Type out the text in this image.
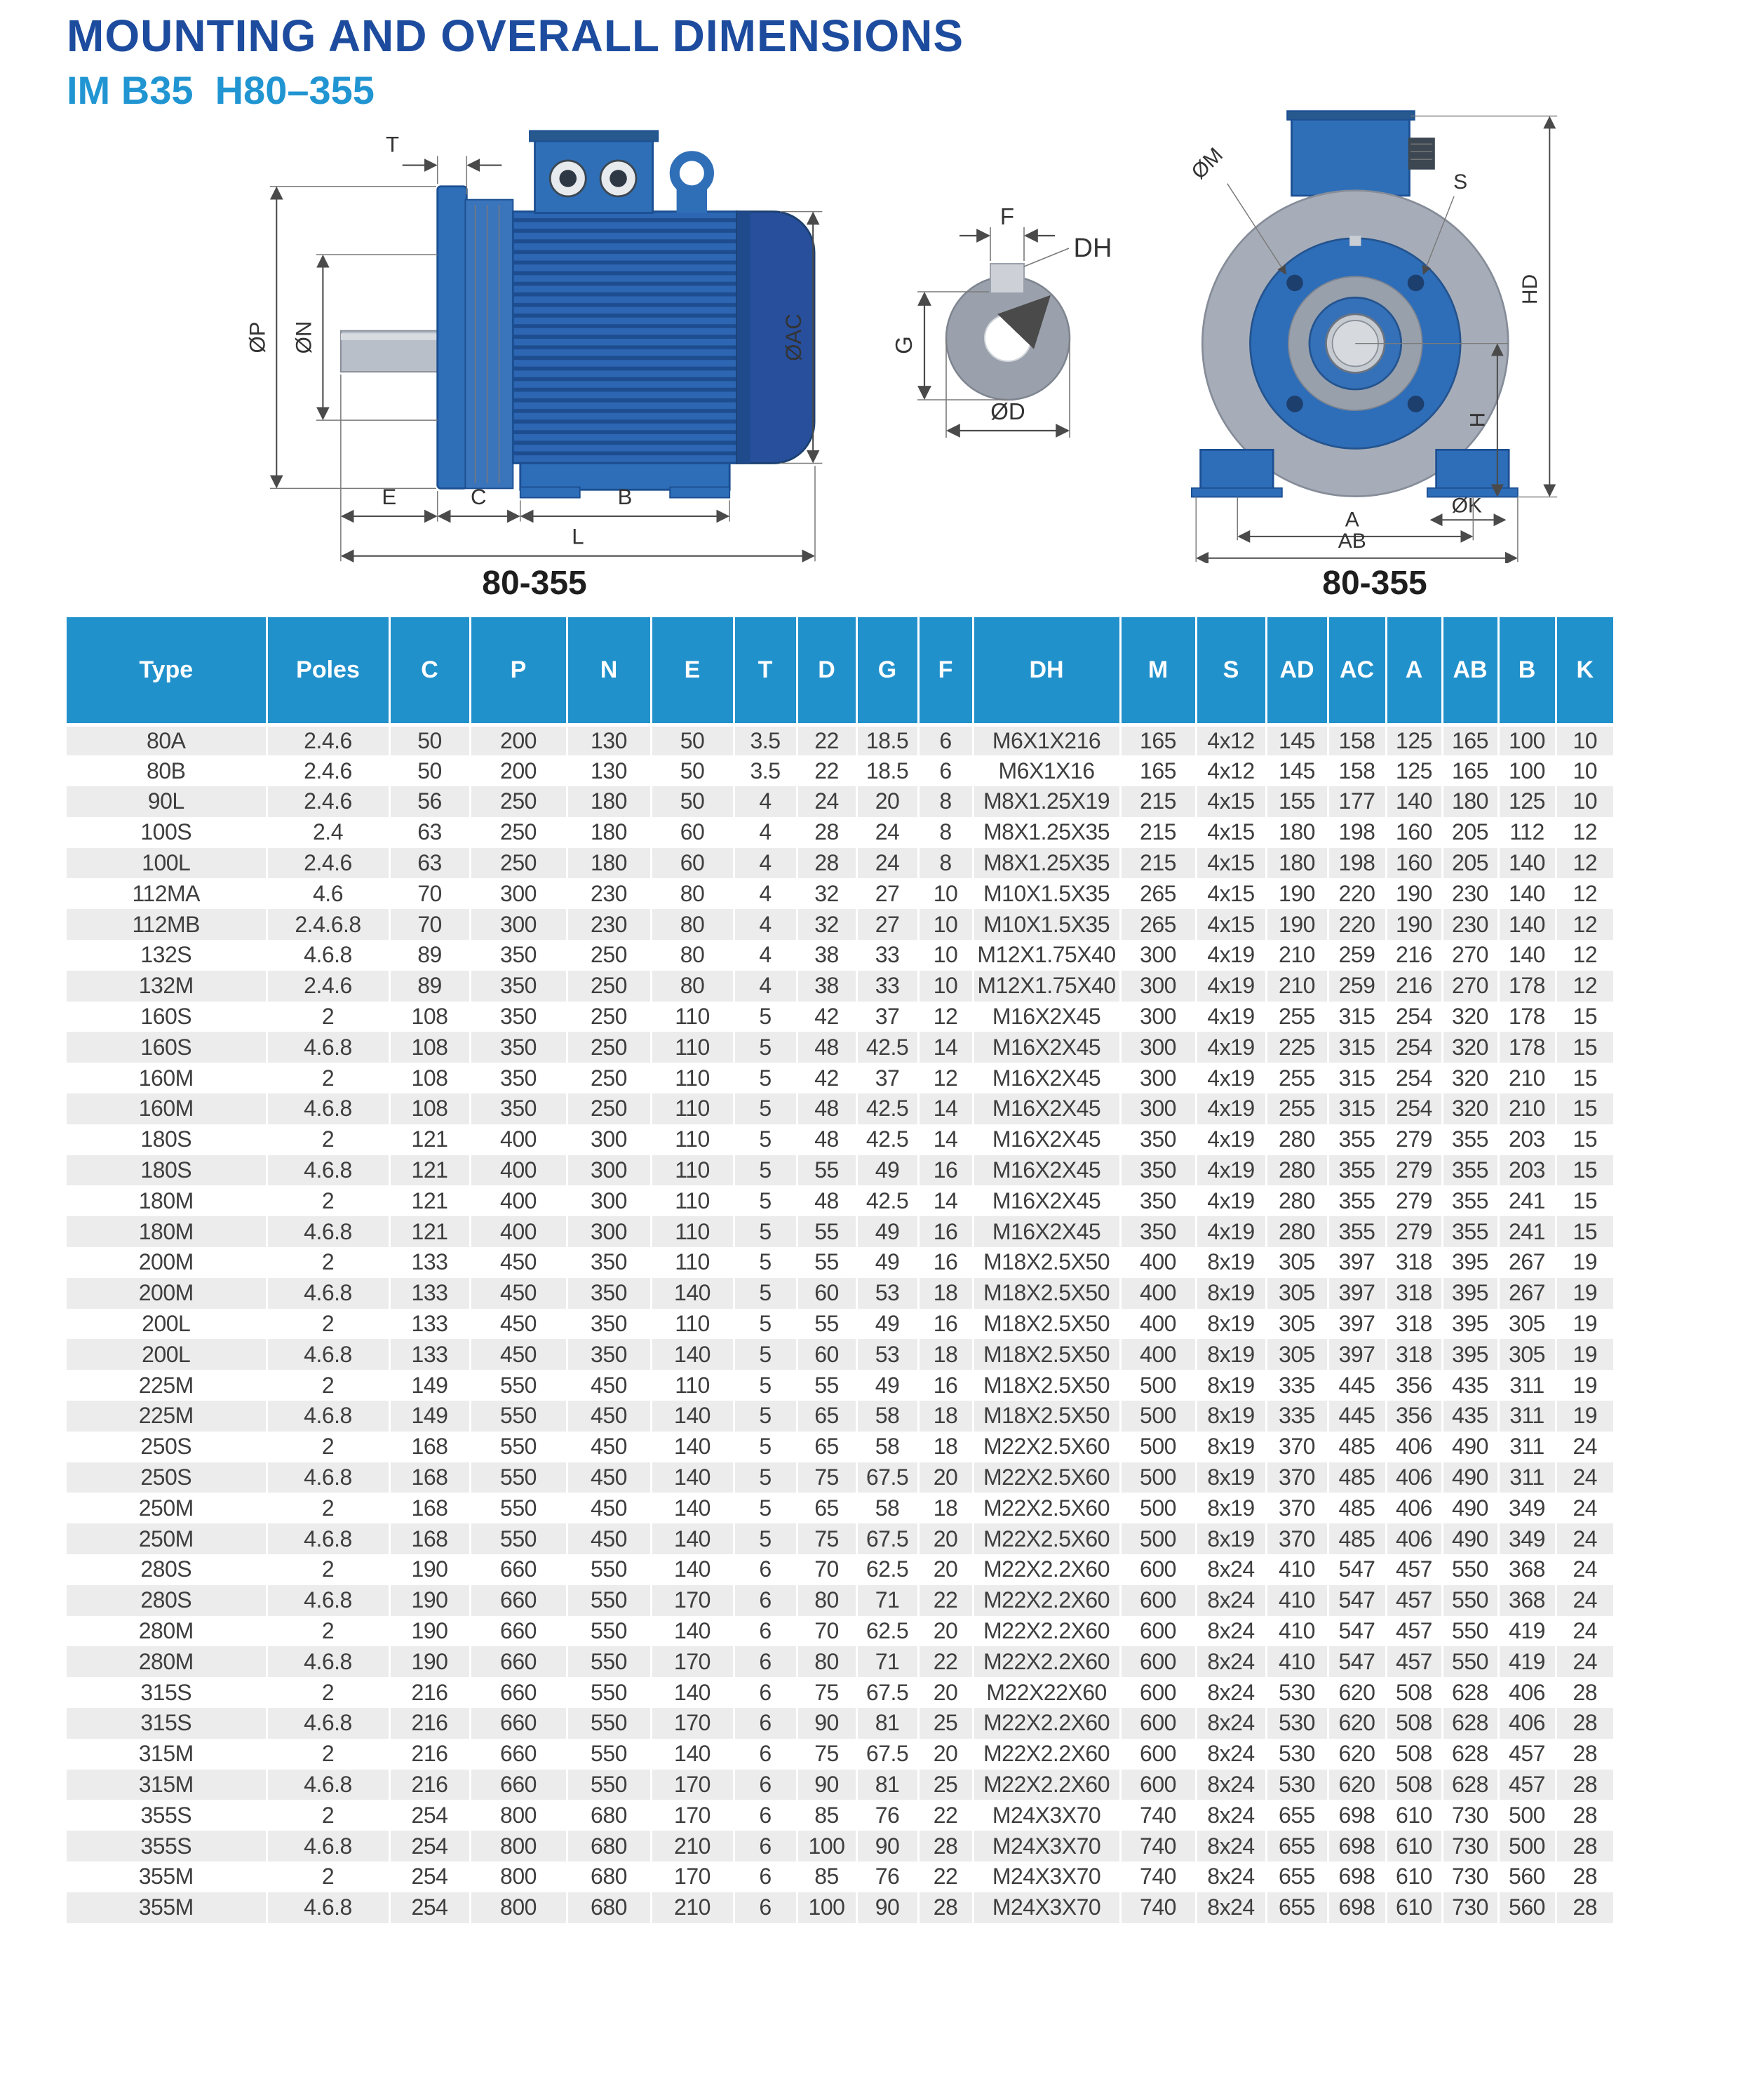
MOUNTING AND OVERALL DIMENSIONS
IM B35  H80–355
T
ØP ØN	ØAC
E	C	B
L
F
DH
G
ØD
ØM	S
HD
H
ØK
A
AB
80-355	80-355
Type	Poles	C	P	N	E	T	D	G	F	DH	M	S	AD	AC	A	AB	B	K
80A	2.4.6	50	200	130	50	3.5	22	18.5	6	M6X1X216	165	4x12	145	158	125	165	100	10
80B	2.4.6	50	200	130	50	3.5	22	18.5	6	M6X1X16	165	4x12	145	158	125	165	100	10
90L	2.4.6	56	250	180	50	4	24	20	8	M8X1.25X19	215	4x15	155	177	140	180	125	10
100S	2.4	63	250	180	60	4	28	24	8	M8X1.25X35	215	4x15	180	198	160	205	112	12
100L	2.4.6	63	250	180	60	4	28	24	8	M8X1.25X35	215	4x15	180	198	160	205	140	12
112MA	4.6	70	300	230	80	4	32	27	10	M10X1.5X35	265	4x15	190	220	190	230	140	12
112MB	2.4.6.8	70	300	230	80	4	32	27	10	M10X1.5X35	265	4x15	190	220	190	230	140	12
132S	4.6.8	89	350	250	80	4	38	33	10	M12X1.75X40	300	4x19	210	259	216	270	140	12
132M	2.4.6	89	350	250	80	4	38	33	10	M12X1.75X40	300	4x19	210	259	216	270	178	12
160S	2	108	350	250	110	5	42	37	12	M16X2X45	300	4x19	255	315	254	320	178	15
160S	4.6.8	108	350	250	110	5	48	42.5	14	M16X2X45	300	4x19	225	315	254	320	178	15
160M	2	108	350	250	110	5	42	37	12	M16X2X45	300	4x19	255	315	254	320	210	15
160M	4.6.8	108	350	250	110	5	48	42.5	14	M16X2X45	300	4x19	255	315	254	320	210	15
180S	2	121	400	300	110	5	48	42.5	14	M16X2X45	350	4x19	280	355	279	355	203	15
180S	4.6.8	121	400	300	110	5	55	49	16	M16X2X45	350	4x19	280	355	279	355	203	15
180M	2	121	400	300	110	5	48	42.5	14	M16X2X45	350	4x19	280	355	279	355	241	15
180M	4.6.8	121	400	300	110	5	55	49	16	M16X2X45	350	4x19	280	355	279	355	241	15
200M	2	133	450	350	110	5	55	49	16	M18X2.5X50	400	8x19	305	397	318	395	267	19
200M	4.6.8	133	450	350	140	5	60	53	18	M18X2.5X50	400	8x19	305	397	318	395	267	19
200L	2	133	450	350	110	5	55	49	16	M18X2.5X50	400	8x19	305	397	318	395	305	19
200L	4.6.8	133	450	350	140	5	60	53	18	M18X2.5X50	400	8x19	305	397	318	395	305	19
225M	2	149	550	450	110	5	55	49	16	M18X2.5X50	500	8x19	335	445	356	435	311	19
225M	4.6.8	149	550	450	140	5	65	58	18	M18X2.5X50	500	8x19	335	445	356	435	311	19
250S	2	168	550	450	140	5	65	58	18	M22X2.5X60	500	8x19	370	485	406	490	311	24
250S	4.6.8	168	550	450	140	5	75	67.5	20	M22X2.5X60	500	8x19	370	485	406	490	311	24
250M	2	168	550	450	140	5	65	58	18	M22X2.5X60	500	8x19	370	485	406	490	349	24
250M	4.6.8	168	550	450	140	5	75	67.5	20	M22X2.5X60	500	8x19	370	485	406	490	349	24
280S	2	190	660	550	140	6	70	62.5	20	M22X2.2X60	600	8x24	410	547	457	550	368	24
280S	4.6.8	190	660	550	170	6	80	71	22	M22X2.2X60	600	8x24	410	547	457	550	368	24
280M	2	190	660	550	140	6	70	62.5	20	M22X2.2X60	600	8x24	410	547	457	550	419	24
280M	4.6.8	190	660	550	170	6	80	71	22	M22X2.2X60	600	8x24	410	547	457	550	419	24
315S	2	216	660	550	140	6	75	67.5	20	M22X22X60	600	8x24	530	620	508	628	406	28
315S	4.6.8	216	660	550	170	6	90	81	25	M22X2.2X60	600	8x24	530	620	508	628	406	28
315M	2	216	660	550	140	6	75	67.5	20	M22X2.2X60	600	8x24	530	620	508	628	457	28
315M	4.6.8	216	660	550	170	6	90	81	25	M22X2.2X60	600	8x24	530	620	508	628	457	28
355S	2	254	800	680	170	6	85	76	22	M24X3X70	740	8x24	655	698	610	730	500	28
355S	4.6.8	254	800	680	210	6	100	90	28	M24X3X70	740	8x24	655	698	610	730	500	28
355M	2	254	800	680	170	6	85	76	22	M24X3X70	740	8x24	655	698	610	730	560	28
355M	4.6.8	254	800	680	210	6	100	90	28	M24X3X70	740	8x24	655	698	610	730	560	28
